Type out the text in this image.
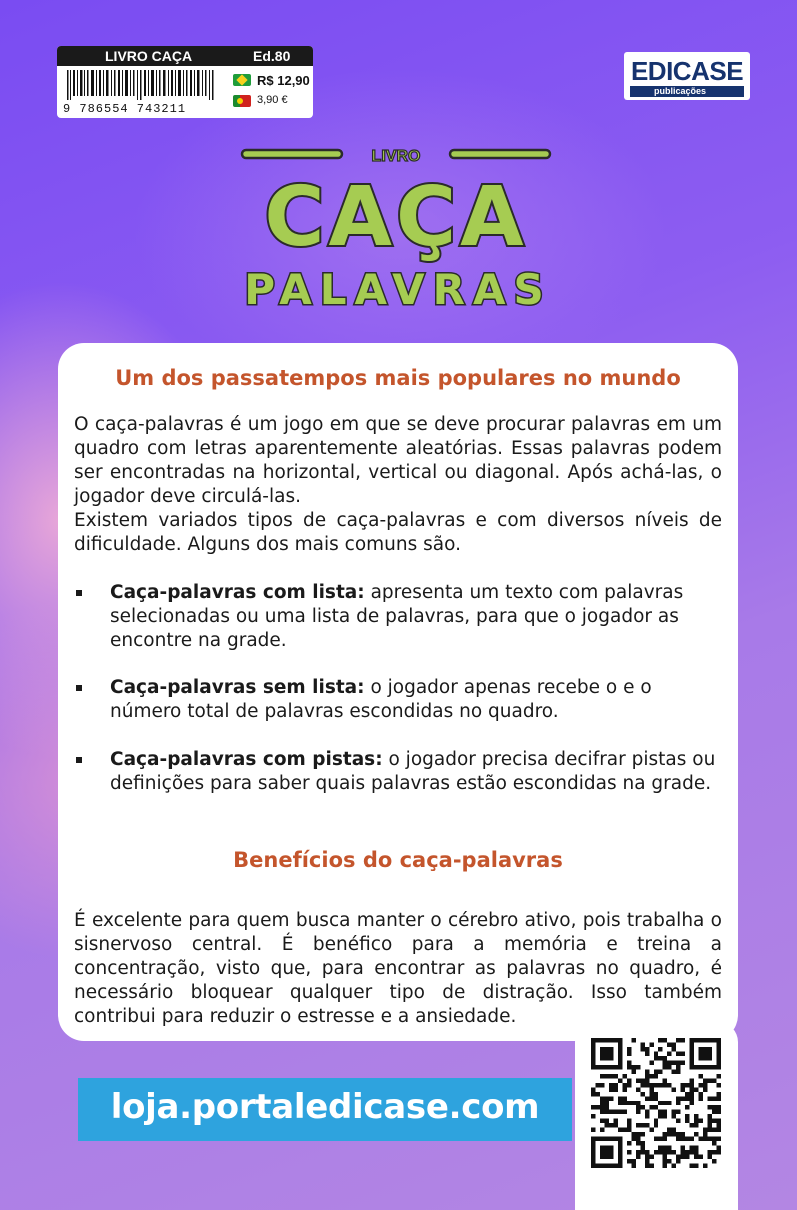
LIVRO CAÇA	Ed.80
9 786554 743211
R$ 12,90
3,90 €
EDICASE
publicações
LIVRO
CAÇA
PALAVRAS
Um dos passatempos mais populares no mundo

O caça-palavras é um jogo em que se deve procurar palavras em um quadro com letras aparentemente aleatórias. Essas palavras podem ser encontradas na horizontal, vertical ou diagonal. Após achá-las, o jogador deve circulá-las.

Existem variados tipos de caça-palavras e com diversos níveis de dificuldade. Alguns dos mais comuns são.

Caça-palavras com lista: apresenta um texto com palavras selecionadas ou uma lista de palavras, para que o jogador as encontre na grade.

Caça-palavras sem lista: o jogador apenas recebe o e o número total de palavras escondidas no quadro.

Caça-palavras com pistas: o jogador precisa decifrar pistas ou definições para saber quais palavras estão escondidas na grade.

Benefícios do caça-palavras

É excelente para quem busca manter o cérebro ativo, pois trabalha o sisnervoso central. É benéfico para a memória e treina a concentração, visto que, para encontrar as palavras no quadro, é necessário bloquear qualquer tipo de distração. Isso também contribui para reduzir o estresse e a ansiedade.

loja.portaledicase.com
